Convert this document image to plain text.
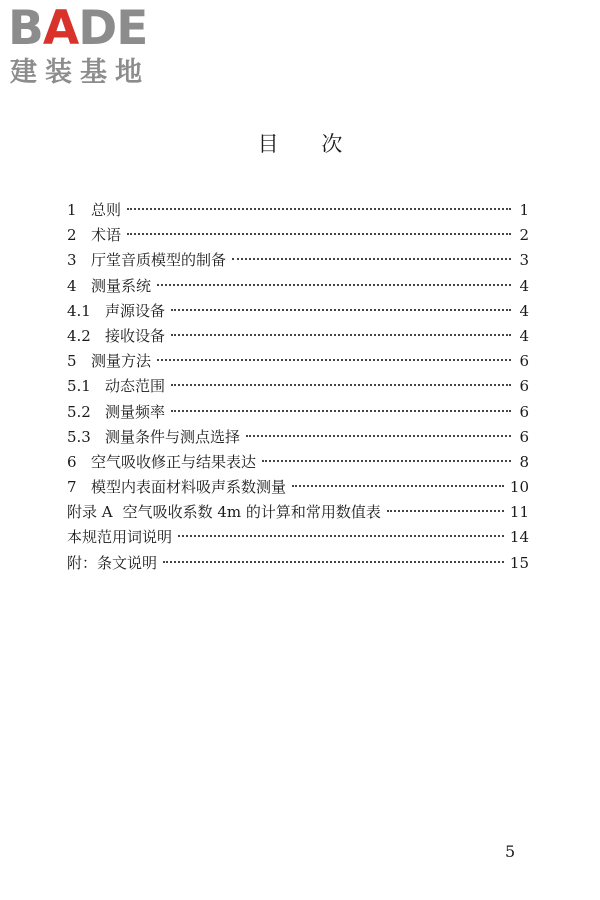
BADE
建装基地
目 次
1 总则	1
2 术语	2
3 厅堂音质模型的制备	3
4 测量系统	4
4.1 声源设备	4
4.2 接收设备	4
5 测量方法	6
5.1 动态范围	6
5.2 测量频率	6
5.3 测量条件与测点选择	6
6 空气吸收修正与结果表达	8
7 模型内表面材料吸声系数测量	10
附录 A 空气吸收系数 4m 的计算和常用数值表	11
本规范用词说明	14
附：条文说明	15
5
